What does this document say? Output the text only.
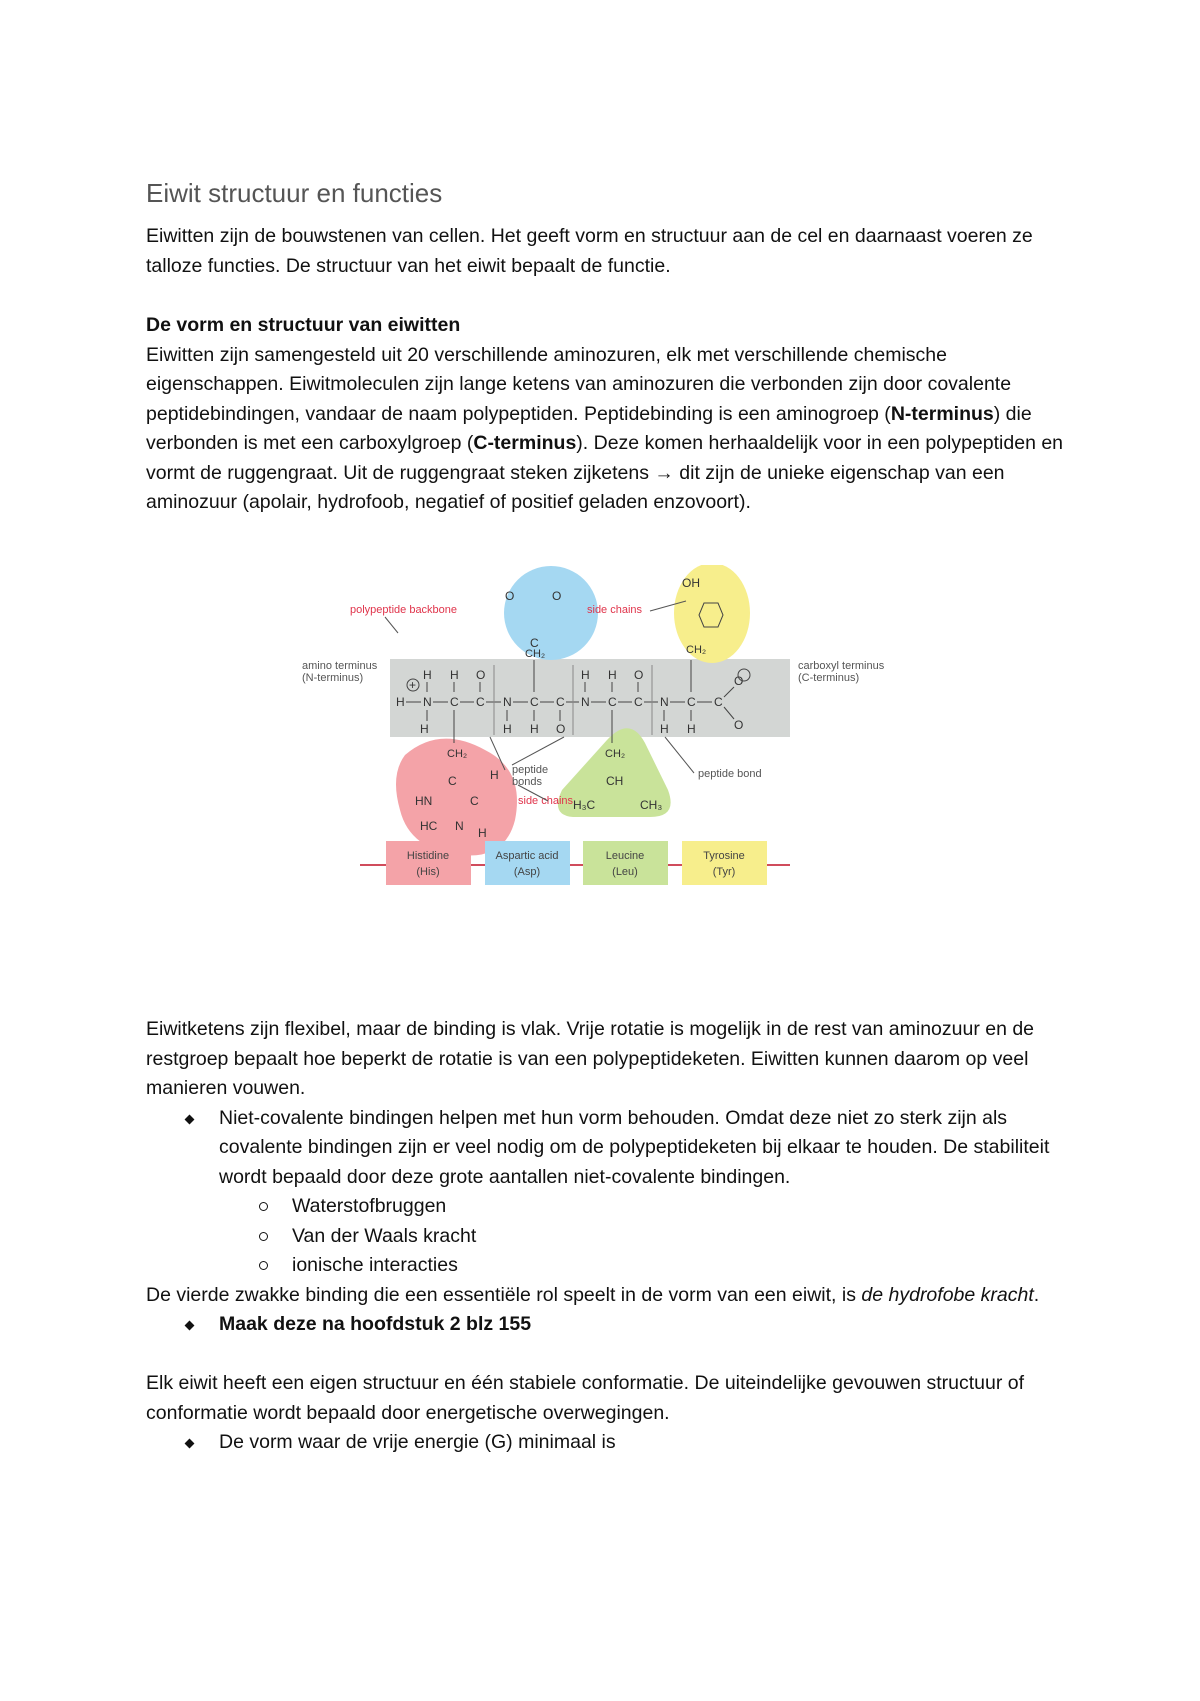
Eiwit structuur en functies

Eiwitten zijn de bouwstenen van cellen. Het geeft vorm en structuur aan de cel en daarnaast voeren ze talloze functies. De structuur van het eiwit bepaalt de functie.

De vorm en structuur van eiwitten

Eiwitten zijn samengesteld uit 20 verschillende aminozuren, elk met verschillende chemische eigenschappen. Eiwitmoleculen zijn lange ketens van aminozuren die verbonden zijn door covalente peptidebindingen, vandaar de naam polypeptiden. Peptidebinding is een aminogroep (N-terminus) die verbonden is met een carboxylgroep (C-terminus). Deze komen herhaaldelijk voor in een polypeptiden en vormt de ruggengraat. Uit de ruggengraat steken zijketens → dit zijn de unieke eigenschap van een aminozuur (apolair, hydrofoob, negatief of positief geladen enzovoort).

H N C C N C C N C C N C C
H H O	H H O
H H O	H H	O
H
O
+
C
CH₂
O	O
OH
CH₂
CH₂
C
HN	C
HC N H
H
CH₂
CH
H₃C	CH₃
polypeptide backbone	side chains
side chains
amino terminus
(N-terminus)
carboxyl terminus
(C-terminus)
peptide
bonds
peptide bond
Histidine
(His)
Aspartic acid
(Asp)
Leucine
(Leu)
Tyrosine
(Tyr)

Eiwitketens zijn flexibel, maar de binding is vlak. Vrije rotatie is mogelijk in de rest van aminozuur en de restgroep bepaalt hoe beperkt de rotatie is van een polypeptideketen. Eiwitten kunnen daarom op veel manieren vouwen.

Niet-covalente bindingen helpen met hun vorm behouden. Omdat deze niet zo sterk zijn als covalente bindingen zijn er veel nodig om de polypeptideketen bij elkaar te houden. De stabiliteit wordt bepaald door deze grote aantallen niet-covalente bindingen.
Waterstofbruggen
Van der Waals kracht
ionische interacties

De vierde zwakke binding die een essentiële rol speelt in de vorm van een eiwit, is de hydrofobe kracht.

Maak deze na hoofdstuk 2 blz 155

Elk eiwit heeft een eigen structuur en één stabiele conformatie. De uiteindelijke gevouwen structuur of conformatie wordt bepaald door energetische overwegingen.

De vorm waar de vrije energie (G) minimaal is
